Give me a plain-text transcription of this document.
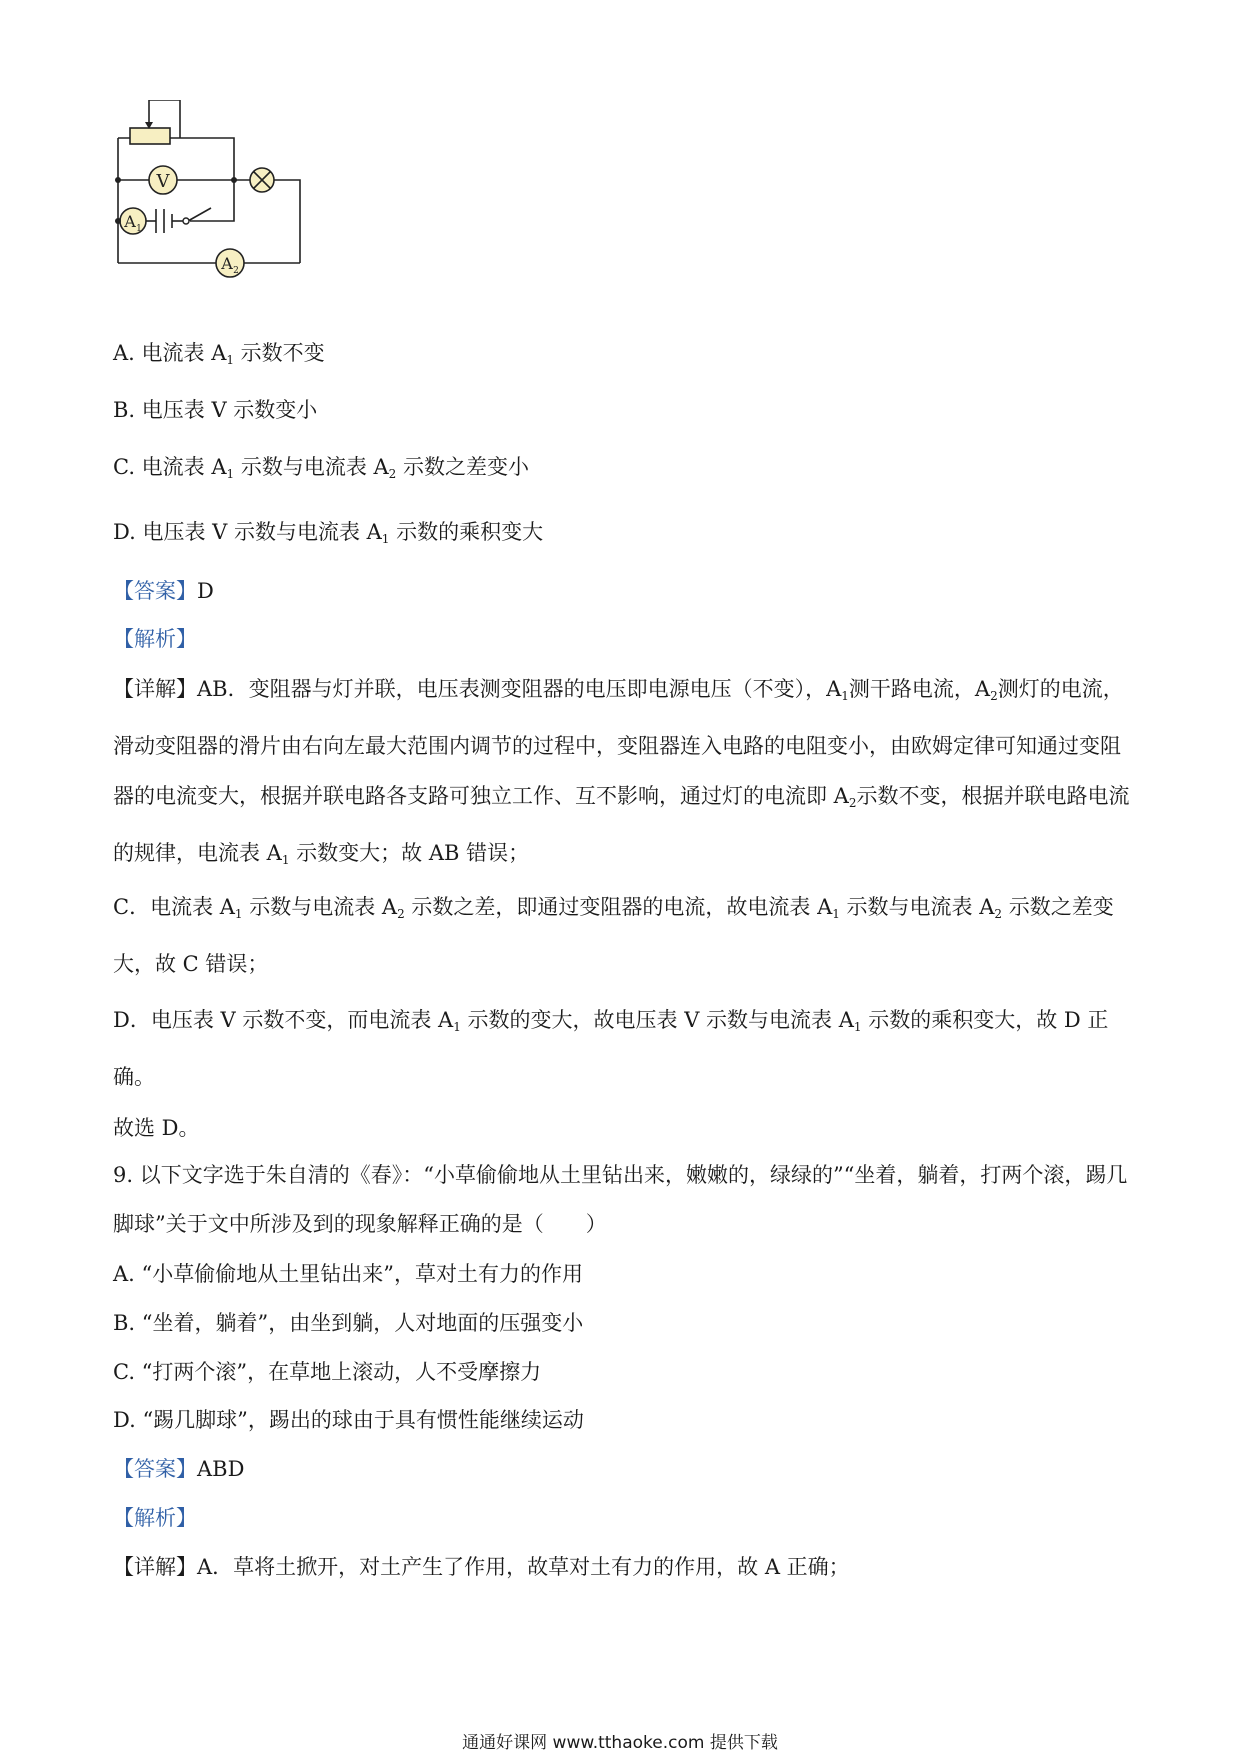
V
A 1
A 2
A. 电流表 $A_1$ 示数不变
B. 电压表 V 示数变小
C. 电流表 $A_1$ 示数与电流表 $A_2$ 示数之差变小
D. 电压表 V 示数与电流表 $A_1$ 示数的乘积变大
【答案】D
【解析】
【详解】AB．变阻器与灯并联，电压表测变阻器的电压即电源电压（不变），$A_1$测干路电流，$A_2$测灯的电流，滑动变阻器的滑片由右向左最大范围内调节的过程中，变阻器连入电路的电阻变小，由欧姆定律可知通过变阻器的电流变大，根据并联电路各支路可独立工作、互不影响，通过灯的电流即 $A_2$示数不变，根据并联电路电流的规律，电流表 $A_1$ 示数变大；故 AB 错误；
C．电流表 $A_1$ 示数与电流表 $A_2$ 示数之差，即通过变阻器的电流，故电流表 $A_1$ 示数与电流表 $A_2$ 示数之差变大，故 C 错误；
D．电压表 V 示数不变，而电流表 $A_1$ 示数的变大，故电压表 V 示数与电流表 $A_1$ 示数的乘积变大，故 D 正确。
故选 D。
9. 以下文字选于朱自清的《春》：“小草偷偷地从土里钻出来，嫩嫩的，绿绿的”“坐着，躺着，打两个滚，踢几脚球”关于文中所涉及到的现象解释正确的是（　　）
A. “小草偷偷地从土里钻出来”，草对土有力的作用
B. “坐着，躺着”，由坐到躺，人对地面的压强变小
C. “打两个滚”，在草地上滚动，人不受摩擦力
D. “踢几脚球”，踢出的球由于具有惯性能继续运动
【答案】ABD
【解析】
【详解】A．草将土掀开，对土产生了作用，故草对土有力的作用，故 A 正确；
通通好课网 www.tthaoke.com 提供下载
